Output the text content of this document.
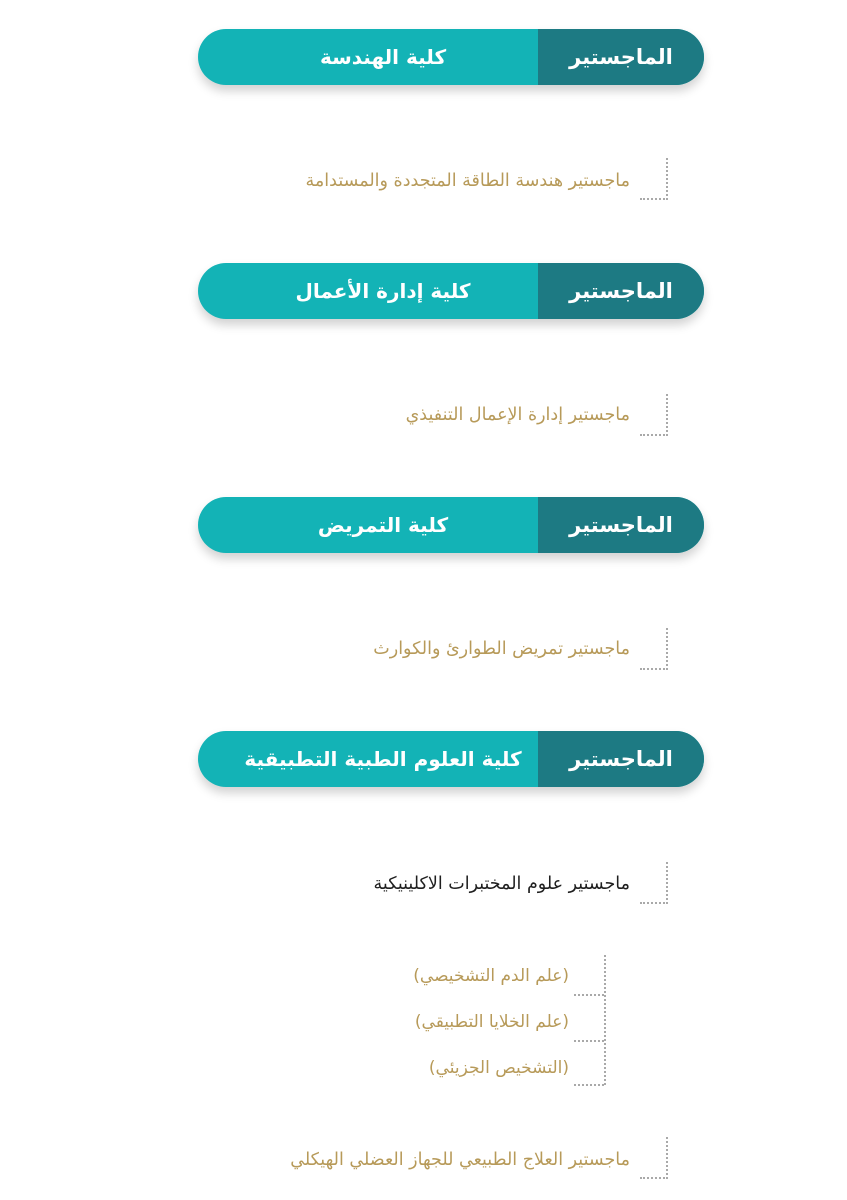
كلية الهندسة	الماجستير
ماجستير هندسة الطاقة المتجددة والمستدامة
كلية إدارة الأعمال	الماجستير
ماجستير إدارة الإعمال التنفيذي
كلية التمريض	الماجستير
ماجستير تمريض الطوارئ والكوارث
كلية العلوم الطبية التطبيقية	الماجستير
ماجستير علوم المختبرات الاكلينيكية
(علم الدم التشخيصي)
(علم الخلايا التطبيقي)
(التشخيص الجزيئي)
ماجستير العلاج الطبيعي للجهاز العضلي الهيكلي
